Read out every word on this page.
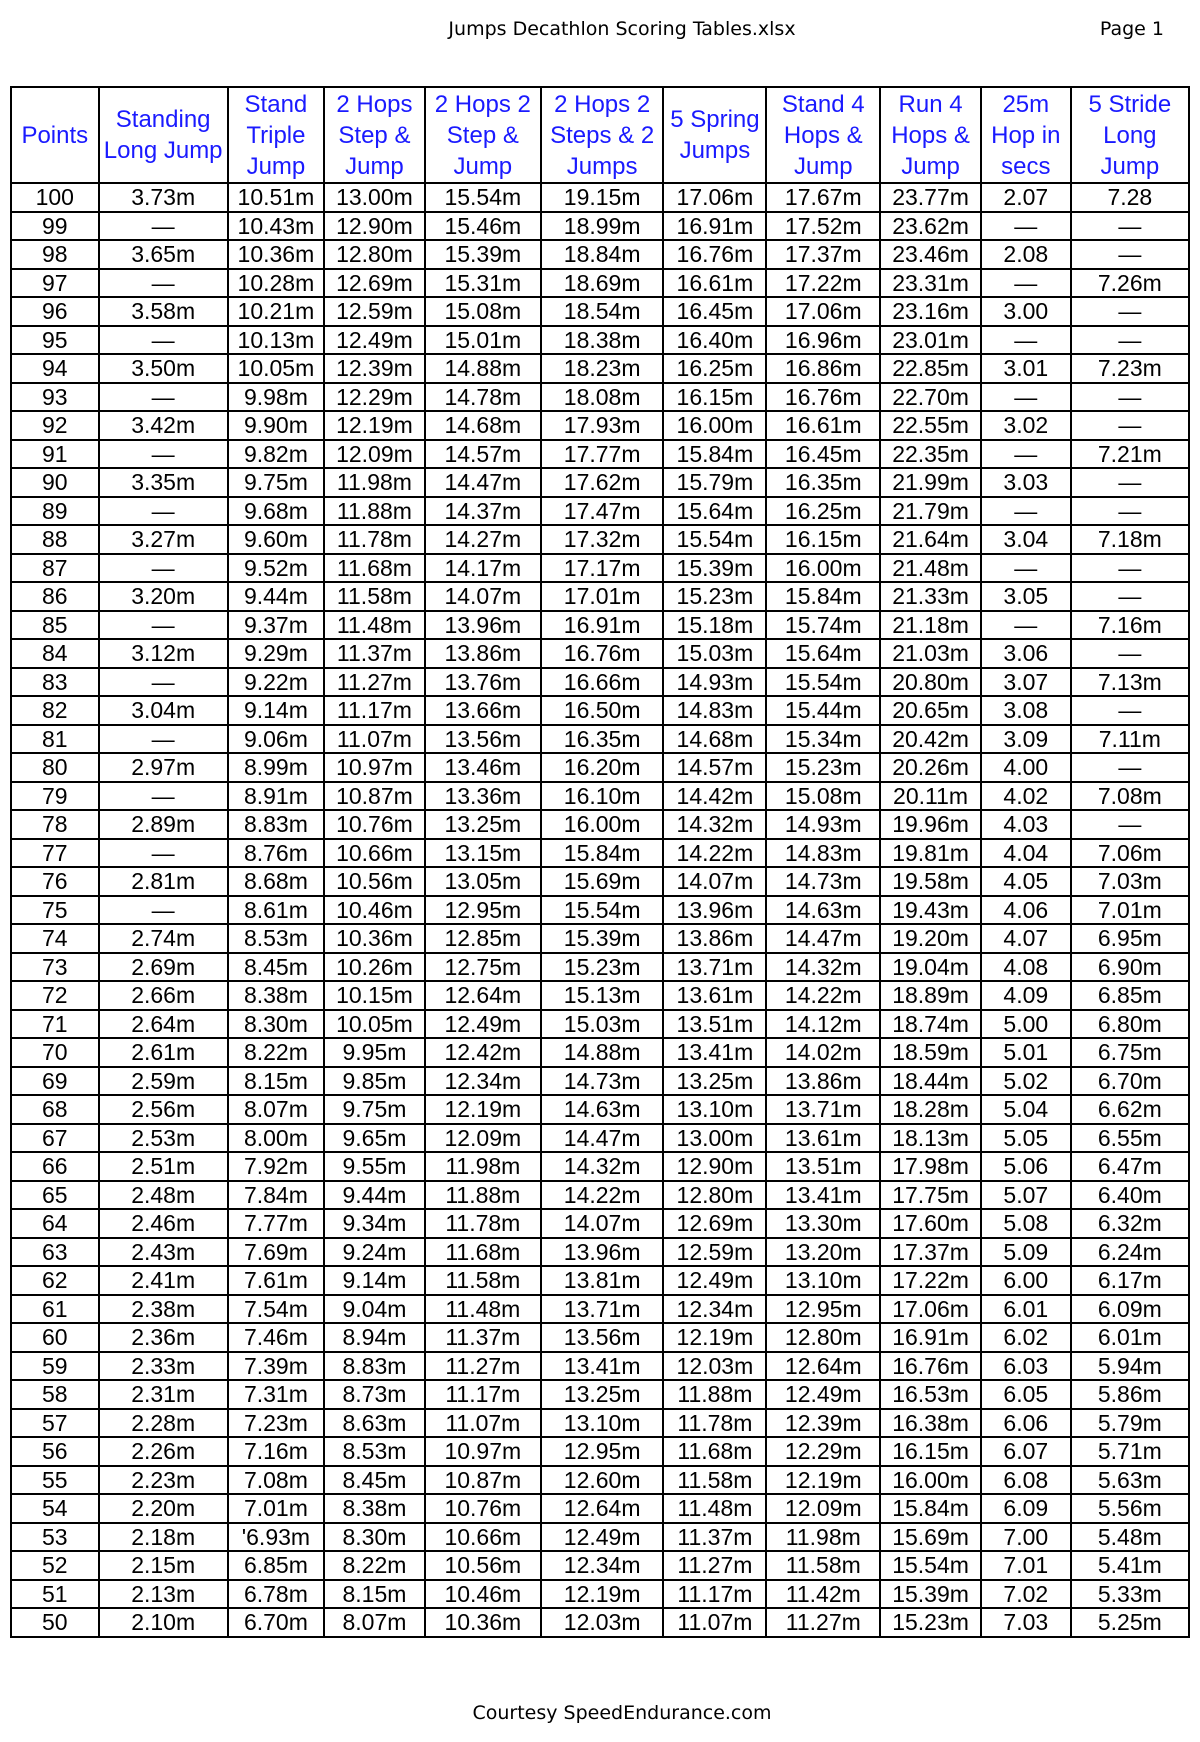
Jumps Decathlon Scoring Tables.xlsx	Page 1
Points	Standing Long Jump	Stand Triple Jump	2 Hops Step & Jump	2 Hops 2 Step & Jump	2 Hops 2 Steps & 2 Jumps	5 Spring Jumps	Stand 4 Hops & Jump	Run 4 Hops & Jump	25m Hop in secs	5 Stride Long Jump
100	3.73m	10.51m	13.00m	15.54m	19.15m	17.06m	17.67m	23.77m	2.07	7.28
99	—	10.43m	12.90m	15.46m	18.99m	16.91m	17.52m	23.62m	—	—
98	3.65m	10.36m	12.80m	15.39m	18.84m	16.76m	17.37m	23.46m	2.08	—
97	—	10.28m	12.69m	15.31m	18.69m	16.61m	17.22m	23.31m	—	7.26m
96	3.58m	10.21m	12.59m	15.08m	18.54m	16.45m	17.06m	23.16m	3.00	—
95	—	10.13m	12.49m	15.01m	18.38m	16.40m	16.96m	23.01m	—	—
94	3.50m	10.05m	12.39m	14.88m	18.23m	16.25m	16.86m	22.85m	3.01	7.23m
93	—	9.98m	12.29m	14.78m	18.08m	16.15m	16.76m	22.70m	—	—
92	3.42m	9.90m	12.19m	14.68m	17.93m	16.00m	16.61m	22.55m	3.02	—
91	—	9.82m	12.09m	14.57m	17.77m	15.84m	16.45m	22.35m	—	7.21m
90	3.35m	9.75m	11.98m	14.47m	17.62m	15.79m	16.35m	21.99m	3.03	—
89	—	9.68m	11.88m	14.37m	17.47m	15.64m	16.25m	21.79m	—	—
88	3.27m	9.60m	11.78m	14.27m	17.32m	15.54m	16.15m	21.64m	3.04	7.18m
87	—	9.52m	11.68m	14.17m	17.17m	15.39m	16.00m	21.48m	—	—
86	3.20m	9.44m	11.58m	14.07m	17.01m	15.23m	15.84m	21.33m	3.05	—
85	—	9.37m	11.48m	13.96m	16.91m	15.18m	15.74m	21.18m	—	7.16m
84	3.12m	9.29m	11.37m	13.86m	16.76m	15.03m	15.64m	21.03m	3.06	—
83	—	9.22m	11.27m	13.76m	16.66m	14.93m	15.54m	20.80m	3.07	7.13m
82	3.04m	9.14m	11.17m	13.66m	16.50m	14.83m	15.44m	20.65m	3.08	—
81	—	9.06m	11.07m	13.56m	16.35m	14.68m	15.34m	20.42m	3.09	7.11m
80	2.97m	8.99m	10.97m	13.46m	16.20m	14.57m	15.23m	20.26m	4.00	—
79	—	8.91m	10.87m	13.36m	16.10m	14.42m	15.08m	20.11m	4.02	7.08m
78	2.89m	8.83m	10.76m	13.25m	16.00m	14.32m	14.93m	19.96m	4.03	—
77	—	8.76m	10.66m	13.15m	15.84m	14.22m	14.83m	19.81m	4.04	7.06m
76	2.81m	8.68m	10.56m	13.05m	15.69m	14.07m	14.73m	19.58m	4.05	7.03m
75	—	8.61m	10.46m	12.95m	15.54m	13.96m	14.63m	19.43m	4.06	7.01m
74	2.74m	8.53m	10.36m	12.85m	15.39m	13.86m	14.47m	19.20m	4.07	6.95m
73	2.69m	8.45m	10.26m	12.75m	15.23m	13.71m	14.32m	19.04m	4.08	6.90m
72	2.66m	8.38m	10.15m	12.64m	15.13m	13.61m	14.22m	18.89m	4.09	6.85m
71	2.64m	8.30m	10.05m	12.49m	15.03m	13.51m	14.12m	18.74m	5.00	6.80m
70	2.61m	8.22m	9.95m	12.42m	14.88m	13.41m	14.02m	18.59m	5.01	6.75m
69	2.59m	8.15m	9.85m	12.34m	14.73m	13.25m	13.86m	18.44m	5.02	6.70m
68	2.56m	8.07m	9.75m	12.19m	14.63m	13.10m	13.71m	18.28m	5.04	6.62m
67	2.53m	8.00m	9.65m	12.09m	14.47m	13.00m	13.61m	18.13m	5.05	6.55m
66	2.51m	7.92m	9.55m	11.98m	14.32m	12.90m	13.51m	17.98m	5.06	6.47m
65	2.48m	7.84m	9.44m	11.88m	14.22m	12.80m	13.41m	17.75m	5.07	6.40m
64	2.46m	7.77m	9.34m	11.78m	14.07m	12.69m	13.30m	17.60m	5.08	6.32m
63	2.43m	7.69m	9.24m	11.68m	13.96m	12.59m	13.20m	17.37m	5.09	6.24m
62	2.41m	7.61m	9.14m	11.58m	13.81m	12.49m	13.10m	17.22m	6.00	6.17m
61	2.38m	7.54m	9.04m	11.48m	13.71m	12.34m	12.95m	17.06m	6.01	6.09m
60	2.36m	7.46m	8.94m	11.37m	13.56m	12.19m	12.80m	16.91m	6.02	6.01m
59	2.33m	7.39m	8.83m	11.27m	13.41m	12.03m	12.64m	16.76m	6.03	5.94m
58	2.31m	7.31m	8.73m	11.17m	13.25m	11.88m	12.49m	16.53m	6.05	5.86m
57	2.28m	7.23m	8.63m	11.07m	13.10m	11.78m	12.39m	16.38m	6.06	5.79m
56	2.26m	7.16m	8.53m	10.97m	12.95m	11.68m	12.29m	16.15m	6.07	5.71m
55	2.23m	7.08m	8.45m	10.87m	12.60m	11.58m	12.19m	16.00m	6.08	5.63m
54	2.20m	7.01m	8.38m	10.76m	12.64m	11.48m	12.09m	15.84m	6.09	5.56m
53	2.18m	'6.93m	8.30m	10.66m	12.49m	11.37m	11.98m	15.69m	7.00	5.48m
52	2.15m	6.85m	8.22m	10.56m	12.34m	11.27m	11.58m	15.54m	7.01	5.41m
51	2.13m	6.78m	8.15m	10.46m	12.19m	11.17m	11.42m	15.39m	7.02	5.33m
50	2.10m	6.70m	8.07m	10.36m	12.03m	11.07m	11.27m	15.23m	7.03	5.25m
Courtesy SpeedEndurance.com
